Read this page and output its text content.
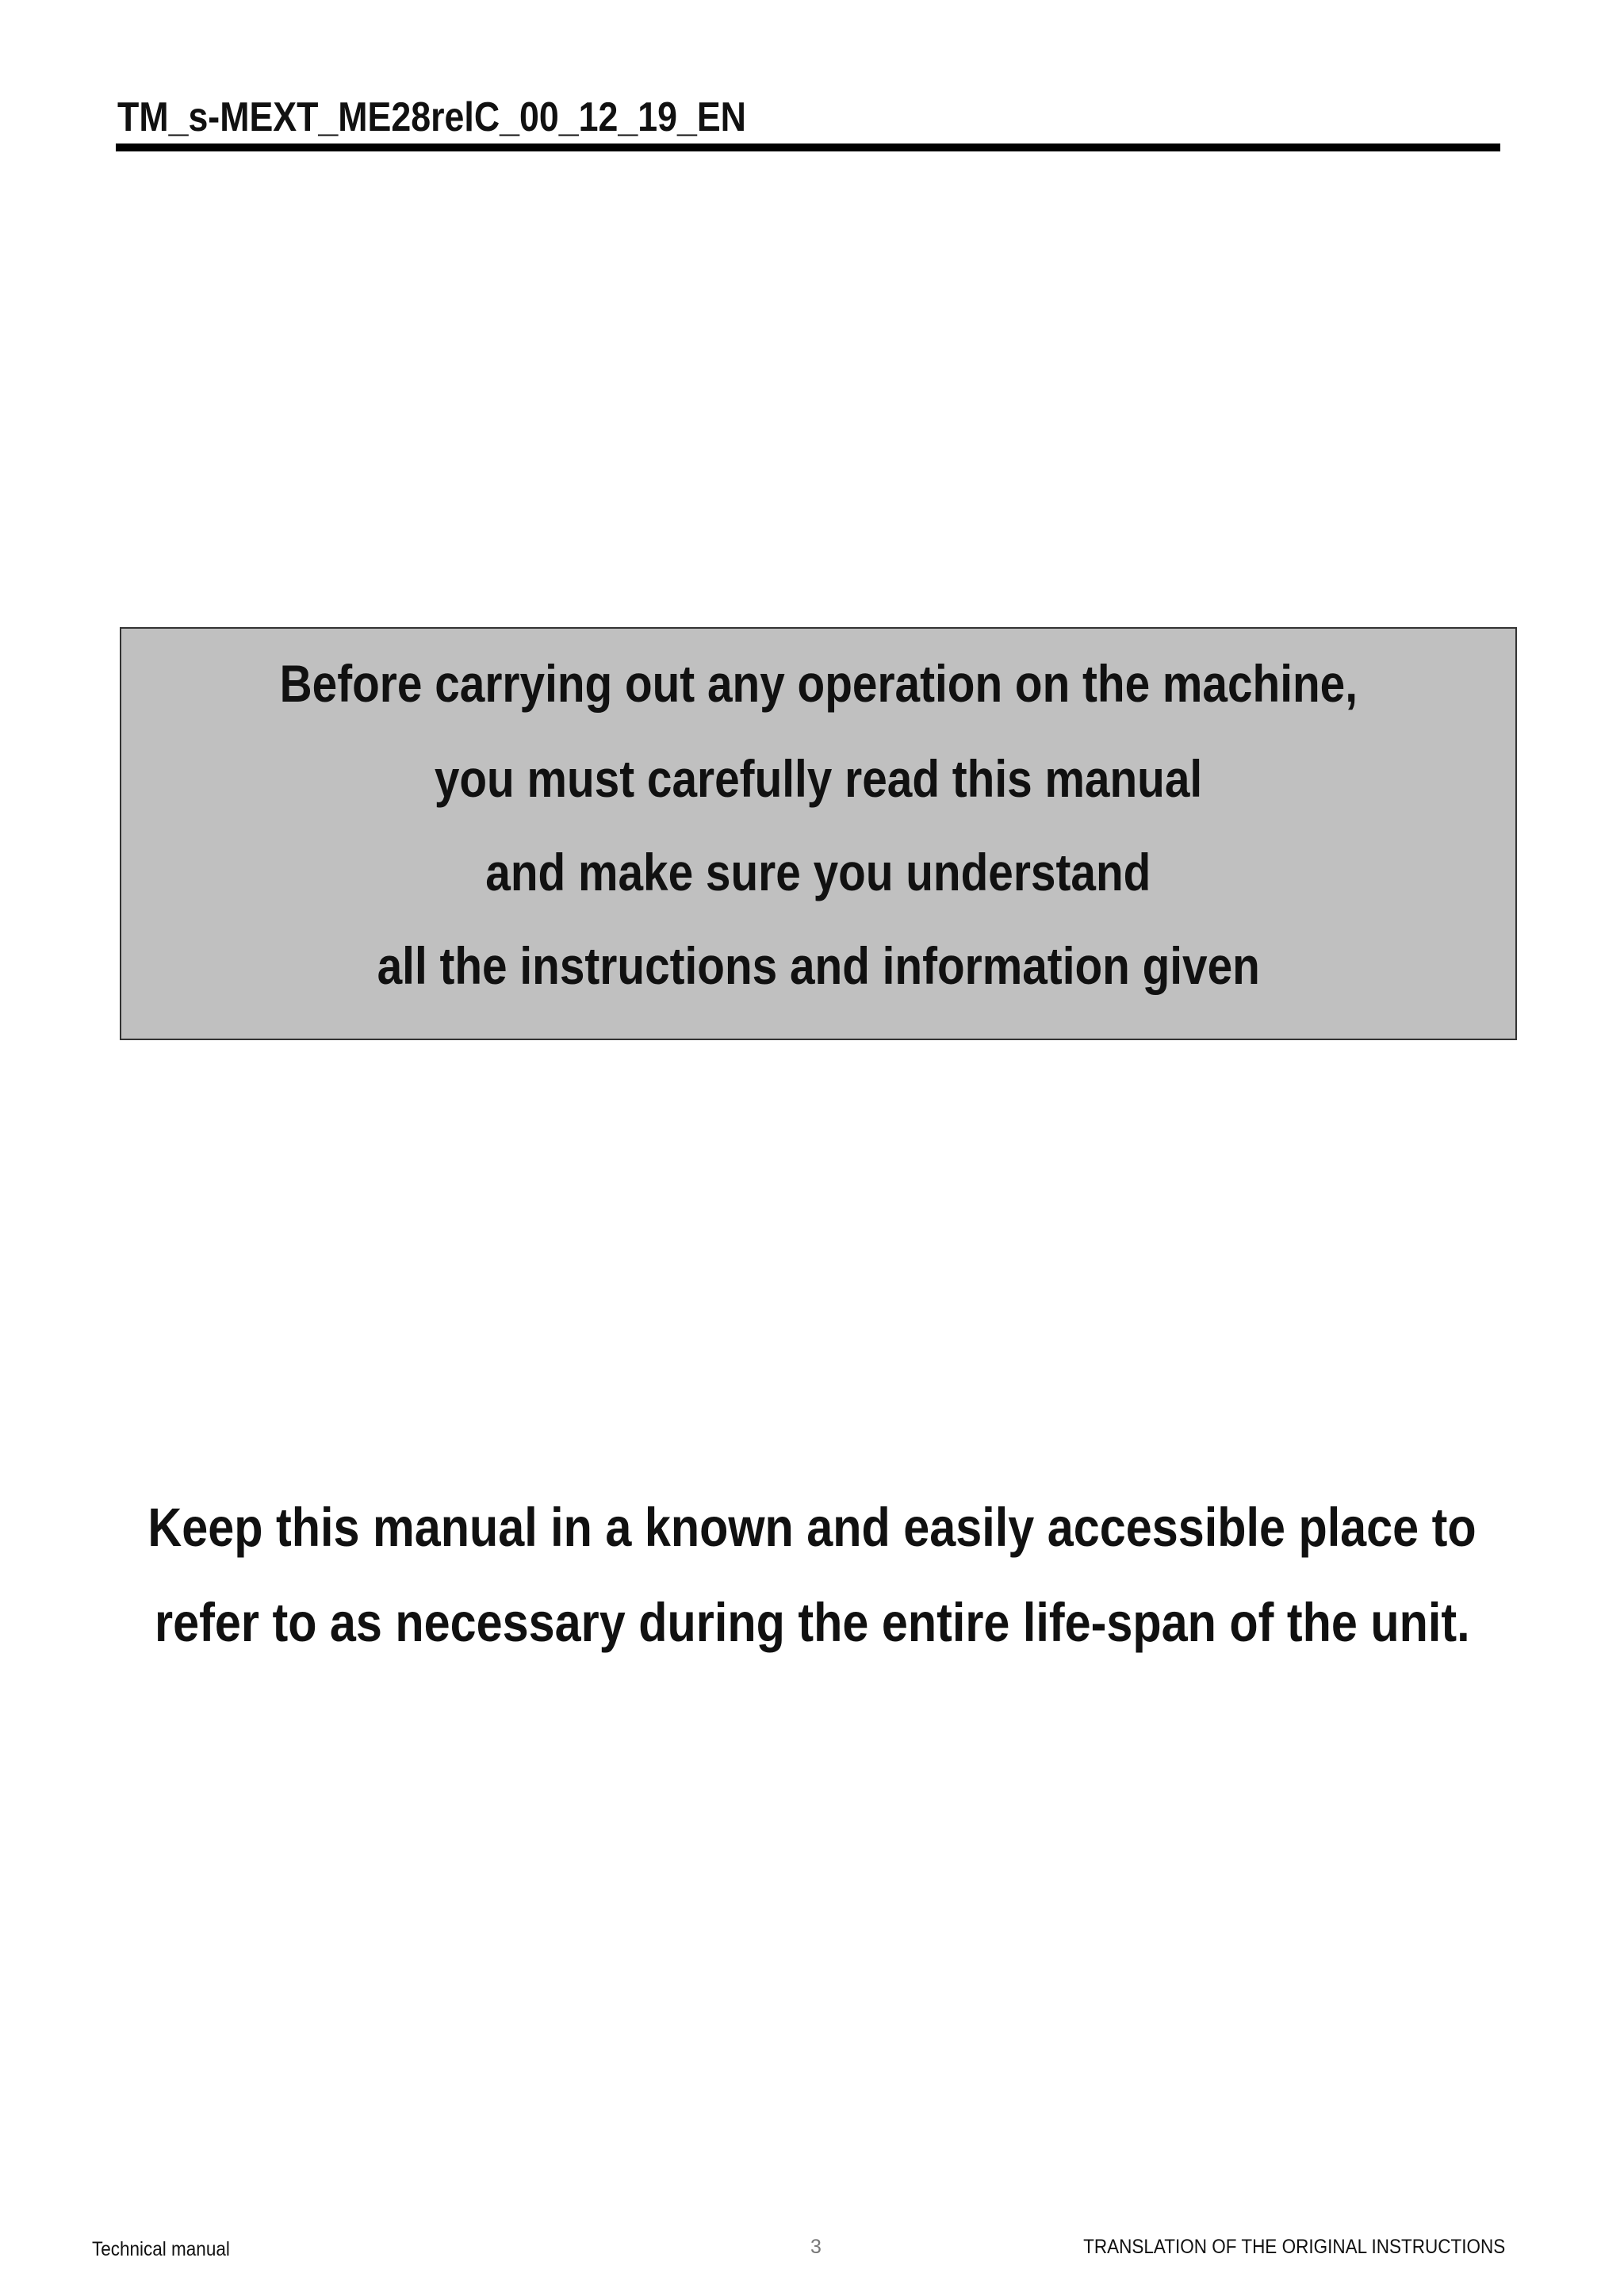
TM_s-MEXT_ME28relC_00_12_19_EN
Before carrying out any operation on the machine,
you must carefully read this manual
and make sure you understand
all the instructions and information given
Keep this manual in a known and easily accessible place to
refer to as necessary during the entire life-span of the unit.
Technical manual	3	TRANSLATION OF THE ORIGINAL INSTRUCTIONS
